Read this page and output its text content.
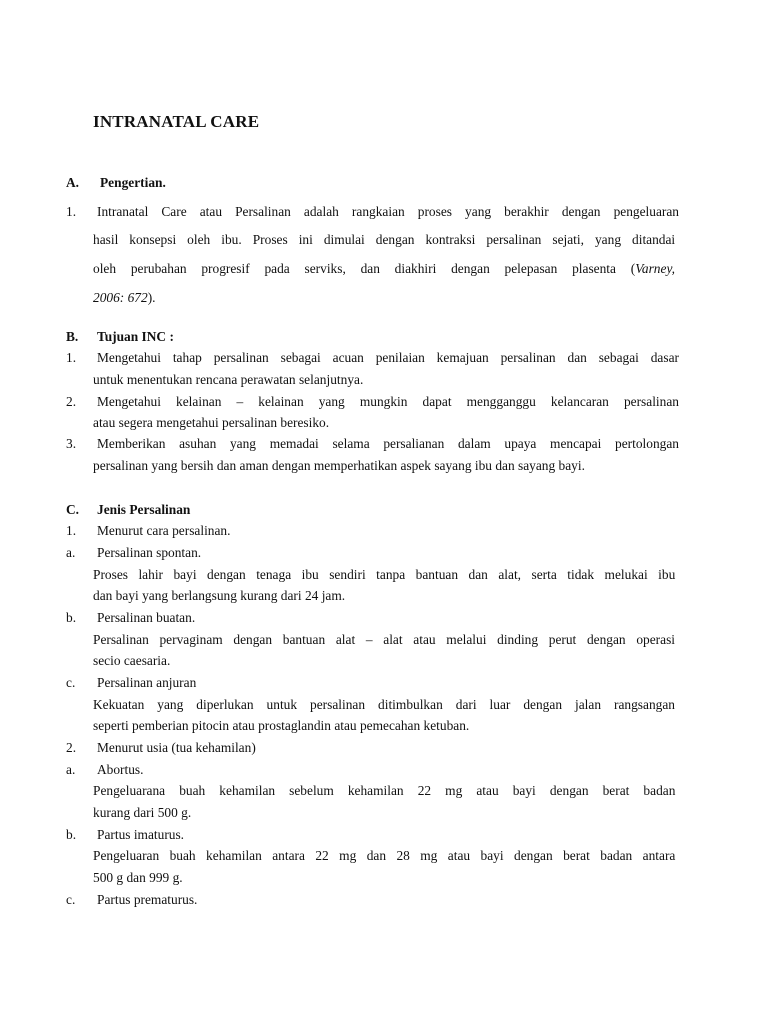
INTRANATAL CARE
A. Pengertian.
1. Intranatal Care atau Persalinan adalah rangkaian proses yang berakhir dengan pengeluaran
hasil konsepsi oleh ibu. Proses ini dimulai dengan kontraksi persalinan sejati, yang ditandai
oleh perubahan progresif pada serviks, dan diakhiri dengan pelepasan plasenta (Varney,
2006: 672).
B. Tujuan INC :
1. Mengetahui tahap persalinan sebagai acuan penilaian kemajuan persalinan dan sebagai dasar
untuk menentukan rencana perawatan selanjutnya.
2. Mengetahui kelainan – kelainan yang mungkin dapat mengganggu kelancaran persalinan
atau segera mengetahui persalinan beresiko.
3. Memberikan asuhan yang memadai selama persalianan dalam upaya mencapai pertolongan
persalinan yang bersih dan aman dengan memperhatikan aspek sayang ibu dan sayang bayi.
C. Jenis Persalinan
1. Menurut cara persalinan.
a. Persalinan spontan.
Proses lahir bayi dengan tenaga ibu sendiri tanpa bantuan dan alat, serta tidak melukai ibu
dan bayi yang berlangsung kurang dari 24 jam.
b. Persalinan buatan.
Persalinan pervaginam dengan bantuan alat – alat atau melalui dinding perut dengan operasi
secio caesaria.
c. Persalinan anjuran
Kekuatan yang diperlukan untuk persalinan ditimbulkan dari luar dengan jalan rangsangan
seperti pemberian pitocin atau prostaglandin atau pemecahan ketuban.
2. Menurut usia (tua kehamilan)
a. Abortus.
Pengeluarana buah kehamilan sebelum kehamilan 22 mg atau bayi dengan berat badan
kurang dari 500 g.
b. Partus imaturus.
Pengeluaran buah kehamilan antara 22 mg dan 28 mg atau bayi dengan berat badan antara
500 g dan 999 g.
c. Partus prematurus.
